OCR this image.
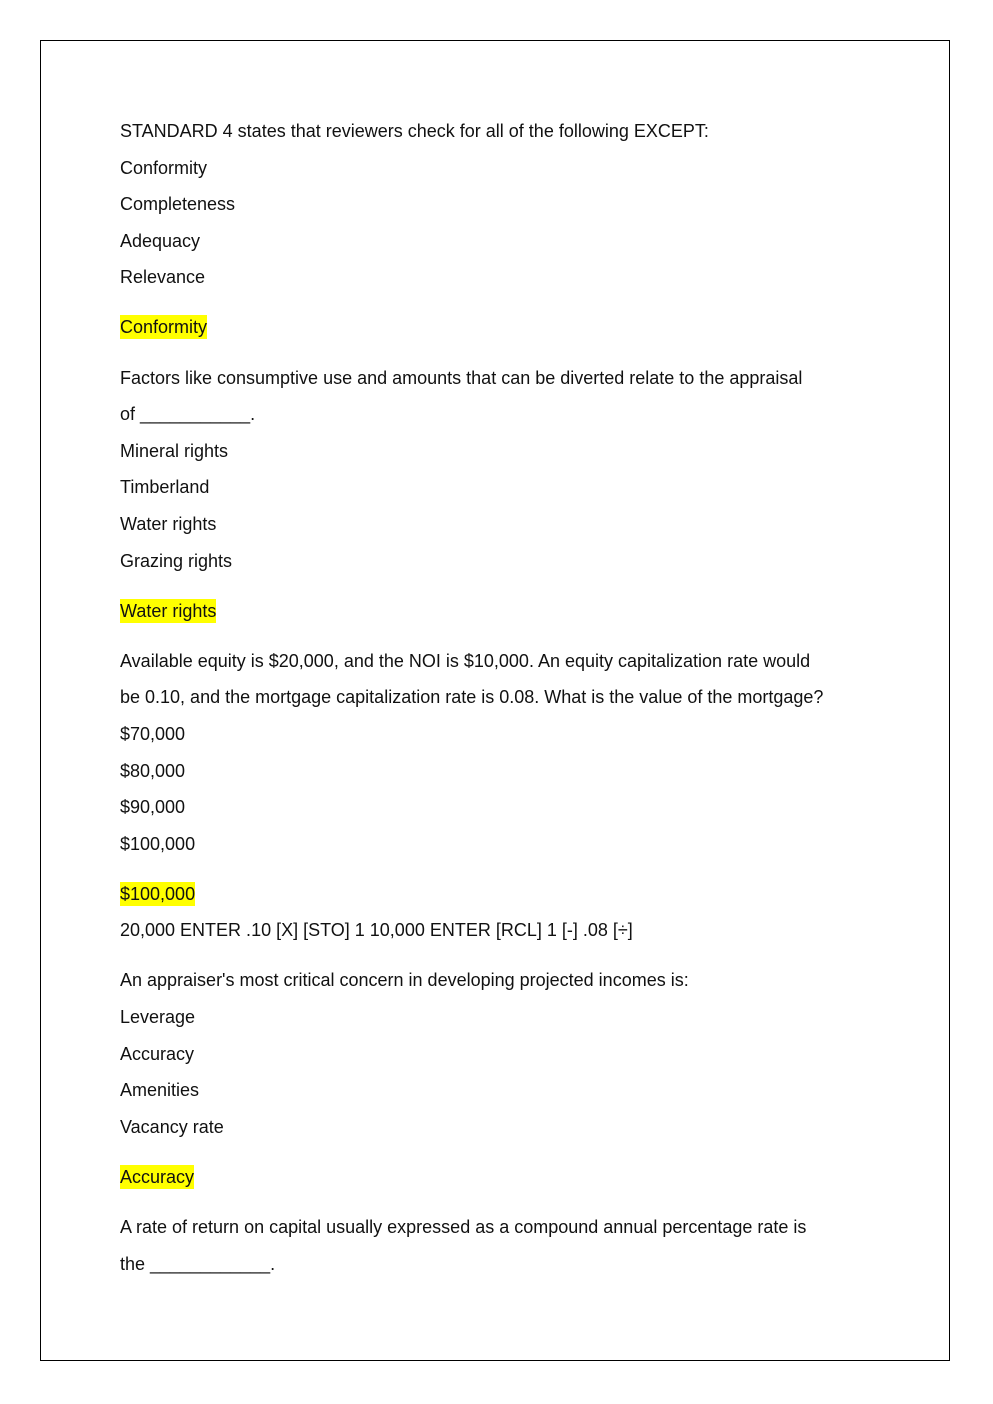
STANDARD 4 states that reviewers check for all of the following EXCEPT:
Conformity
Completeness
Adequacy
Relevance
Conformity
Factors like consumptive use and amounts that can be diverted relate to the appraisal
of ___________.
Mineral rights
Timberland
Water rights
Grazing rights
Water rights
Available equity is $20,000, and the NOI is $10,000. An equity capitalization rate would
be 0.10, and the mortgage capitalization rate is 0.08. What is the value of the mortgage?
$70,000
$80,000
$90,000
$100,000
$100,000
20,000 ENTER .10 [X] [STO] 1 10,000 ENTER [RCL] 1 [-] .08 [÷]
An appraiser's most critical concern in developing projected incomes is:
Leverage
Accuracy
Amenities
Vacancy rate
Accuracy
A rate of return on capital usually expressed as a compound annual percentage rate is
the ____________.
